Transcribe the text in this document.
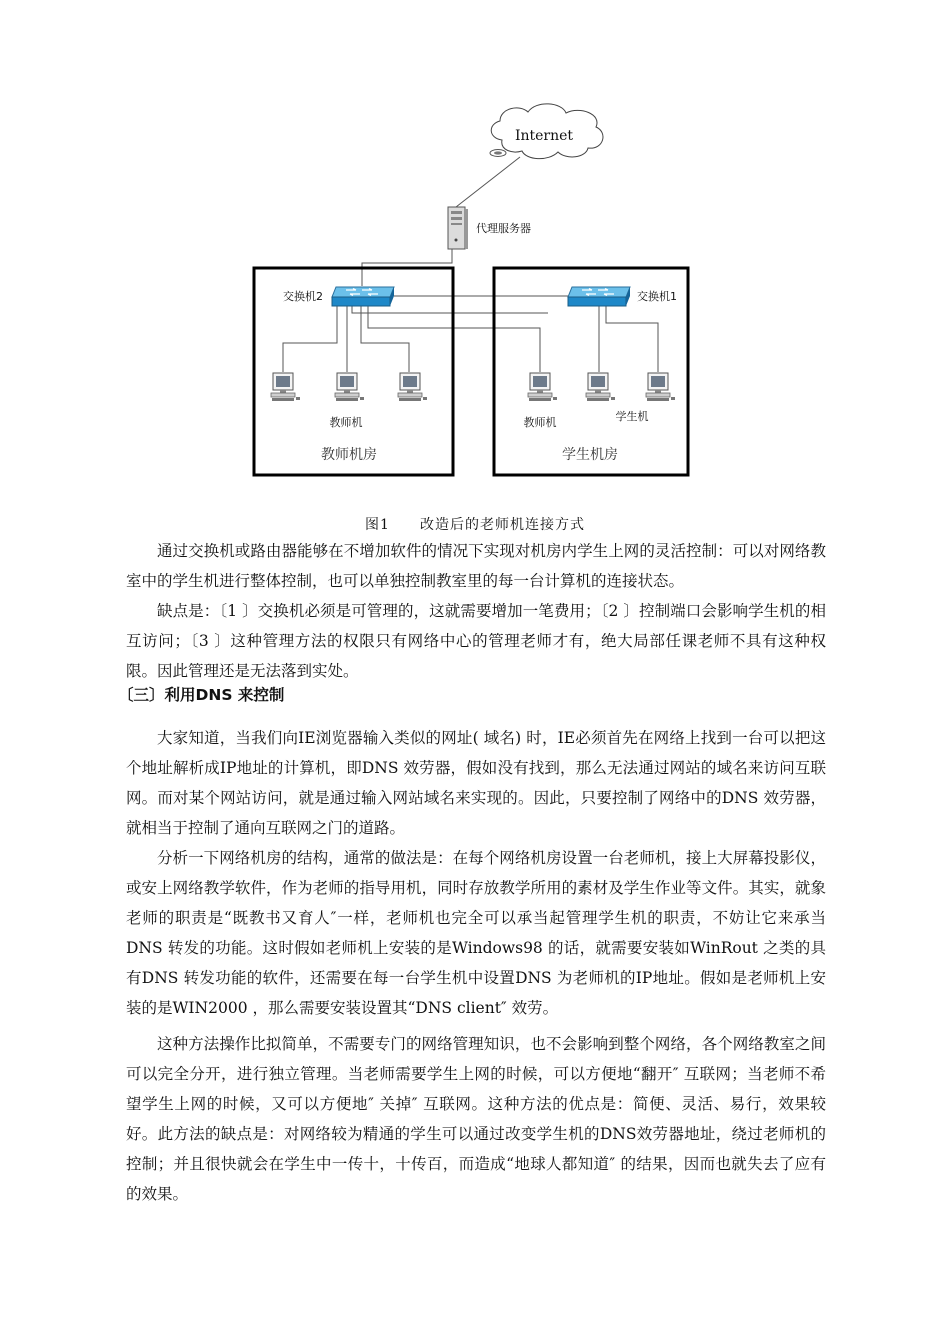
Internet
代理服务器
交换机2	交换机1
教师机	教师机	学生机
教师机房	学生机房
图1 改造后的老师机连接方式

通过交换机或路由器能够在不增加软件的情况下实现对机房内学生上网的灵活控制：可以对网络教室中的学生机进行整体控制，也可以单独控制教室里的每一台计算机的连接状态。

缺点是：〔1 〕交换机必须是可管理的，这就需要增加一笔费用；〔2 〕控制端口会影响学生机的相互访问；〔3 〕这种管理方法的权限只有网络中心的管理老师才有，绝大局部任课老师不具有这种权限。因此管理还是无法落到实处。

〔三〕利用DNS 来控制

大家知道，当我们向IE浏览器输入类似的网址( 域名) 时，IE必须首先在网络上找到一台可以把这个地址解析成IP地址的计算机，即DNS 效劳器，假如没有找到，那么无法通过网站的域名来访问互联网。而对某个网站访问，就是通过输入网站域名来实现的。因此，只要控制了网络中的DNS 效劳器，就相当于控制了通向互联网之门的道路。

分析一下网络机房的结构，通常的做法是：在每个网络机房设置一台老师机，接上大屏幕投影仪，或安上网络教学软件，作为老师的指导用机，同时存放教学所用的素材及学生作业等文件。其实，就象老师的职责是“既教书又育人″一样，老师机也完全可以承当起管理学生机的职责，不妨让它来承当DNS 转发的功能。这时假如老师机上安装的是Windows98 的话，就需要安装如WinRout 之类的具有DNS 转发功能的软件，还需要在每一台学生机中设置DNS 为老师机的IP地址。假如是老师机上安装的是WIN2000 ，那么需要安装设置其“DNS client″ 效劳。

这种方法操作比拟简单，不需要专门的网络管理知识，也不会影响到整个网络，各个网络教室之间可以完全分开，进行独立管理。当老师需要学生上网的时候，可以方便地“翻开″ 互联网；当老师不希望学生上网的时候，又可以方便地″ 关掉″ 互联网。这种方法的优点是：简便、灵活、易行，效果较好。此方法的缺点是：对网络较为精通的学生可以通过改变学生机的DNS效劳器地址，绕过老师机的控制；并且很快就会在学生中一传十，十传百，而造成“地球人都知道″ 的结果，因而也就失去了应有的效果。
